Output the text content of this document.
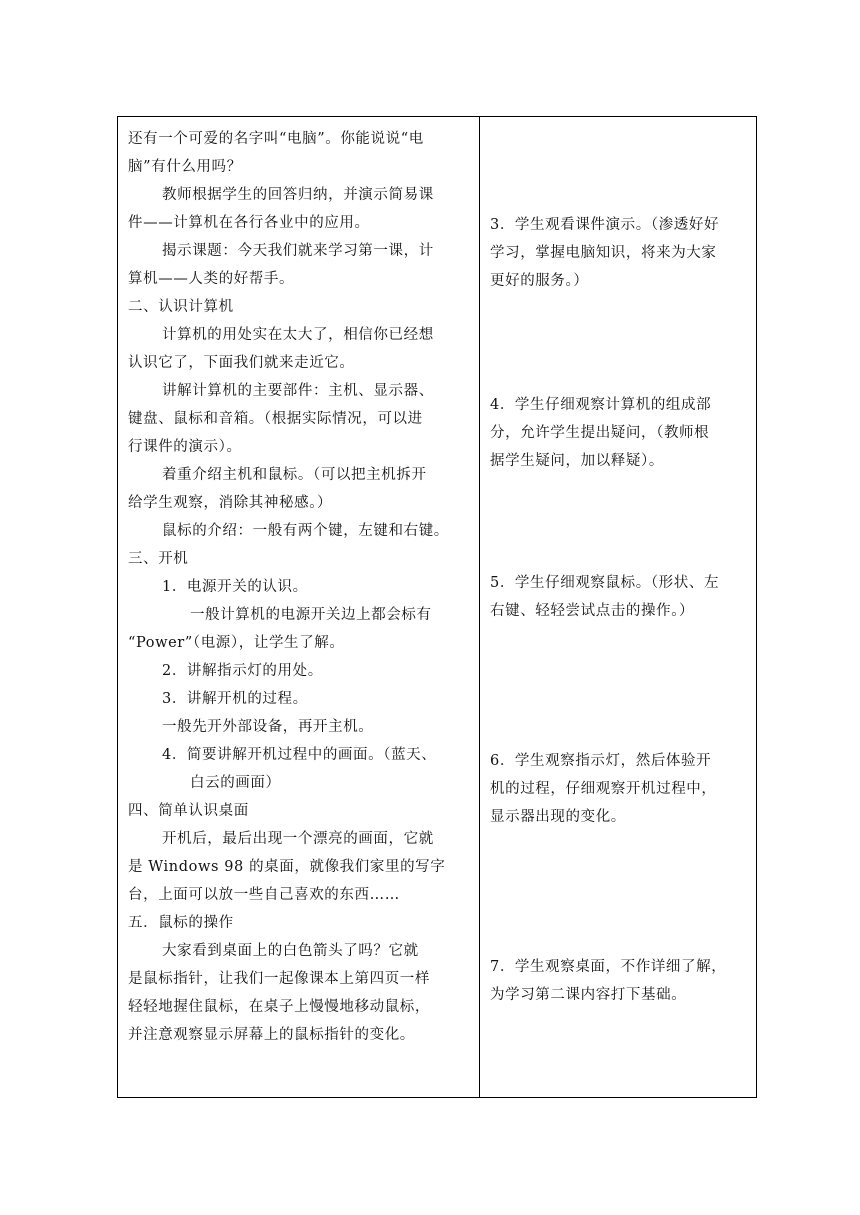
还有一个可爱的名字叫“电脑”。你能说说“电
脑”有什么用吗？
教师根据学生的回答归纳，并演示简易课
件——计算机在各行各业中的应用。
揭示课题：今天我们就来学习第一课，计
算机——人类的好帮手。
二、认识计算机
计算机的用处实在太大了，相信你已经想
认识它了，下面我们就来走近它。
讲解计算机的主要部件：主机、显示器、
键盘、鼠标和音箱。（根据实际情况，可以进
行课件的演示）。
着重介绍主机和鼠标。（可以把主机拆开
给学生观察，消除其神秘感。）
鼠标的介绍：一般有两个键，左键和右键。
三、开机
1．电源开关的认识。
一般计算机的电源开关边上都会标有
“Power”（电源），让学生了解。
2．讲解指示灯的用处。
3．讲解开机的过程。
一般先开外部设备，再开主机。
4．简要讲解开机过程中的画面。（蓝天、
白云的画面）
四、简单认识桌面
开机后，最后出现一个漂亮的画面，它就
是 Windows 98 的桌面，就像我们家里的写字
台，上面可以放一些自己喜欢的东西……
五．鼠标的操作
大家看到桌面上的白色箭头了吗？它就
是鼠标指针，让我们一起像课本上第四页一样
轻轻地握住鼠标，在桌子上慢慢地移动鼠标，
并注意观察显示屏幕上的鼠标指针的变化。
3．学生观看课件演示。（渗透好好
学习，掌握电脑知识，将来为大家
更好的服务。）
4．学生仔细观察计算机的组成部
分，允许学生提出疑问，（教师根
据学生疑问，加以释疑）。
5．学生仔细观察鼠标。（形状、左
右键、轻轻尝试点击的操作。）
6．学生观察指示灯，然后体验开
机的过程，仔细观察开机过程中，
显示器出现的变化。
7．学生观察桌面，不作详细了解，
为学习第二课内容打下基础。
